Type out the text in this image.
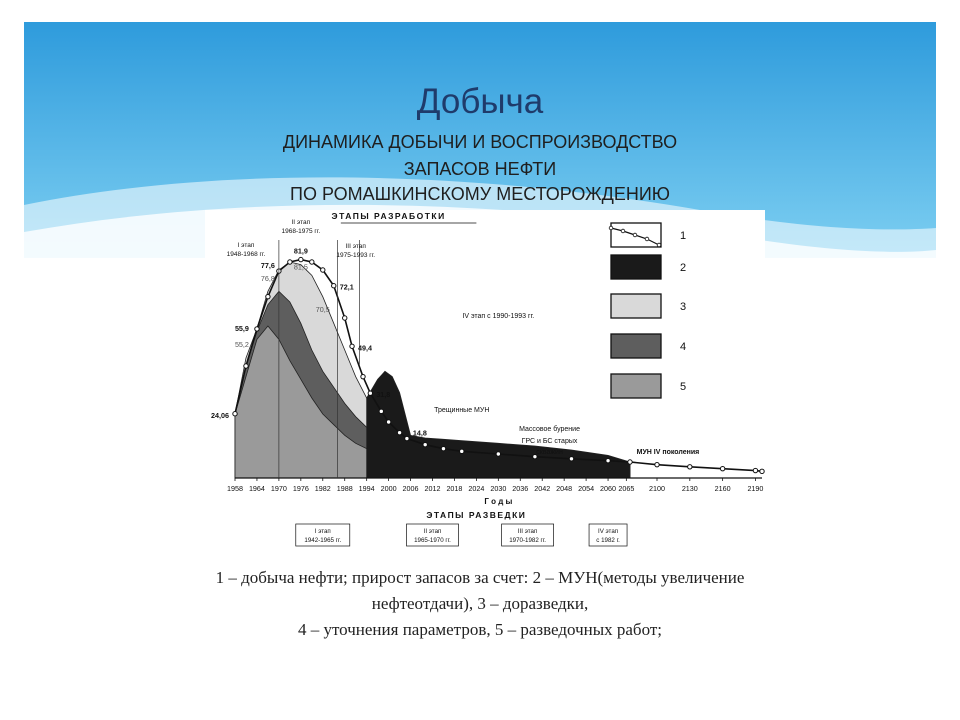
Добыча
ДИНАМИКА ДОБЫЧИ И ВОСПРОИЗВОДСТВО
ЗАПАСОВ НЕФТИ
ПО РОМАШКИНСКОМУ МЕСТОРОЖДЕНИЮ
1958 1964 1970 1976 1982 1988 1994 2000 2006 2012 2018 2024 2030 2036 2042 2048 2054 2060 2065 2100 2130 2160 2190
Г о д ы
ЭТАПЫ РАЗРАБОТКИ
ЭТАПЫ РАЗВЕДКИ
I этап
1948-1968 гг.
II этап
1968-1975 гг.
III этап
1975-1993 гг.
IV этап с 1990-1993 гг.
I этап
1942-1965 гг.
II этап
1965-1970 гг.
III этап
1970-1982 гг.
IV этап
с 1982 г.
Трещинные МУН
Массовое бурение
ГРС и БС старых
скважин	МУН IV поколения
24,06
55,9
55,2
77,6
76,8
81,9
81,5
70,5
72,1
49,4
31,8
14,8
1
2
3
4
5
1 – добыча нефти; прирост запасов за счет: 2 – МУН(методы увеличение
нефтеотдачи), 3 – доразведки,
4 – уточнения параметров, 5 – разведочных работ;
